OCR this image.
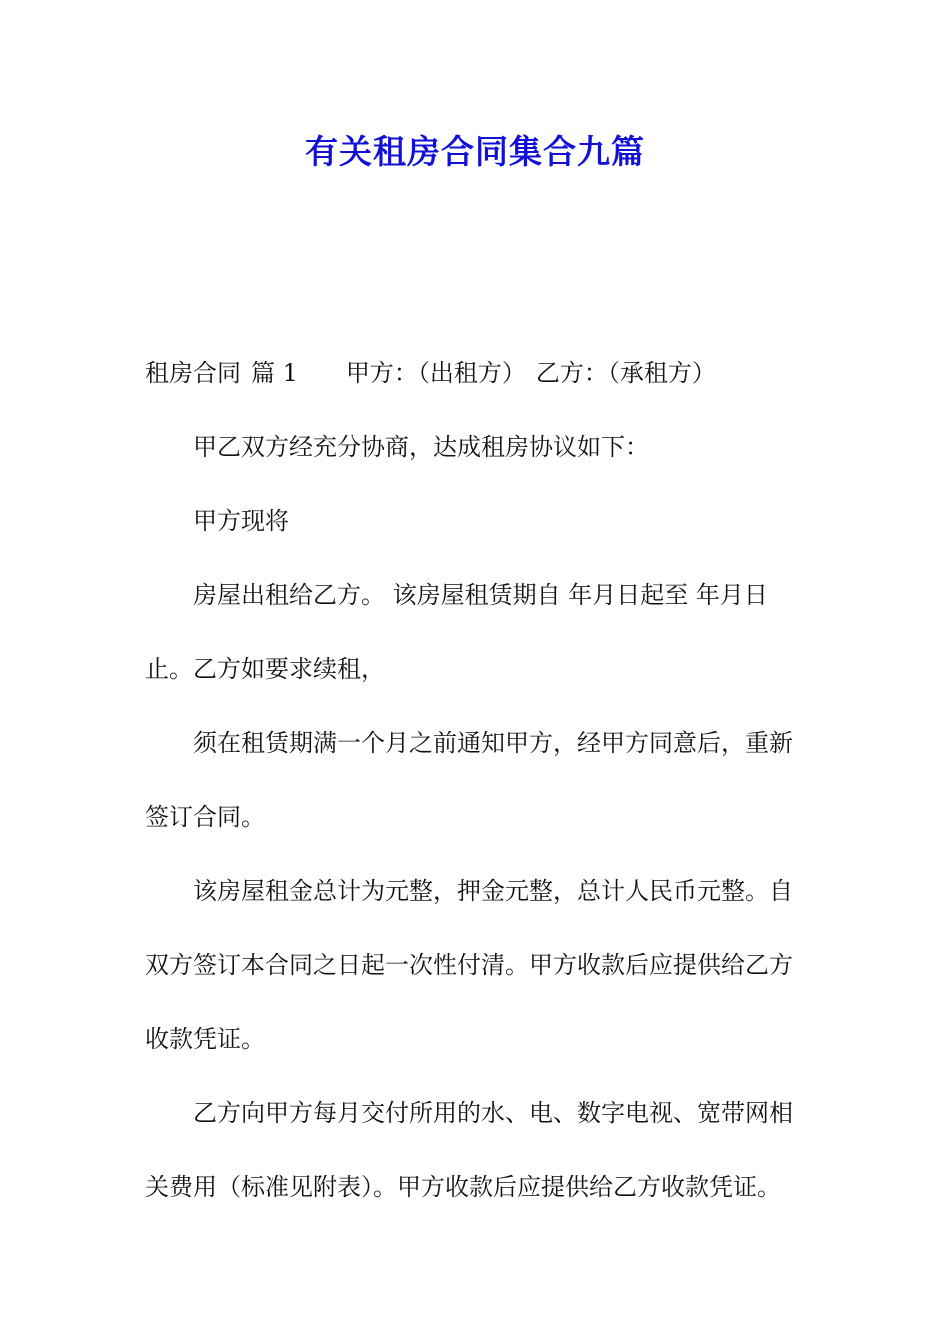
有关租房合同集合九篇
租房合同 篇 1 甲方：（出租方） 乙方：（承租方）
甲乙双方经充分协商，达成租房协议如下：
甲方现将
房屋出租给乙方。 该房屋租赁期自 年月日起至 年月日
止。乙方如要求续租，
须在租赁期满一个月之前通知甲方，经甲方同意后，重新
签订合同。
该房屋租金总计为元整，押金元整，总计人民币元整。自
双方签订本合同之日起一次性付清。甲方收款后应提供给乙方
收款凭证。
乙方向甲方每月交付所用的水、电、数字电视、宽带网相
关费用（标准见附表）。甲方收款后应提供给乙方收款凭证。
